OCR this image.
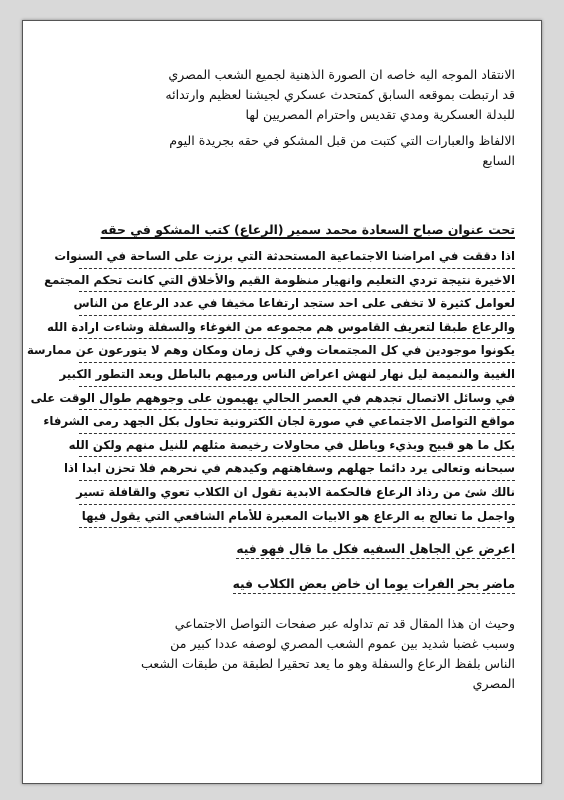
الانتقاد الموجه اليه خاصه ان الصورة الذهنية لجميع الشعب المصري
قد ارتبطت بموقعه السابق كمتحدث عسكري لجيشنا لعظيم وارتدائه
للبدلة العسكرية ومدي تقديس واحترام المصريين لها

الالفاظ والعبارات التي كتبت من قبل المشكو في حقه بجريدة اليوم
السابع

تحت عنوان صباح السعادة محمد سمير (الرعاع) كتب المشكو في حقه
اذا دققت في امراضنا الاجتماعية المستحدثة التي برزت على الساحة في السنوات
الاخيرة نتيجة تردي التعليم وانهيار منظومة القيم والأخلاق التي كانت تحكم المجتمع
لعوامل كثيرة لا تخفى على احد ستجد ارتفاعا مخيفا في عدد الرعاع من الناس
والرعاع طبقا لتعريف القاموس هم مجموعه من الغوغاء والسفلة وشاءت ارادة الله
يكونوا موجودين في كل المجتمعات وفي كل زمان ومكان وهم لا يتورعون عن ممارسة
الغيبة والنميمة ليل نهار لنهش اعراض الناس ورميهم بالباطل وبعد التطور الكبير
في وسائل الاتصال تجدهم في العصر الحالي يهيمون على وجوههم طوال الوقت على
مواقع التواصل الاجتماعي في صورة لجان الكترونية تحاول بكل الجهد رمى الشرفاء
بكل ما هو قبيح وبذيء وباطل في محاولات رخيصة مثلهم للنيل منهم ولكن الله
سبحانه وتعالى يرد دائما جهلهم وسفاهتهم وكيدهم في نحرهم فلا تحزن ابدا اذا
نالك شئ من رذاذ الرعاع فالحكمة الابدية تقول ان الكلاب تعوي والقافلة تسير
واجمل ما تعالج به الرعاع هو الابيات المعبرة للأمام الشافعي التي يقول فيها
اعرض عن الجاهل السفيه فكل ما قال فهو فيه
ماضر بحر الفرات يوما ان خاض بعض الكلاب فيه

وحيث ان هذا المقال قد تم تداوله عبر صفحات التواصل الاجتماعي
وسبب غضبا شديد بين عموم الشعب المصري لوصفه عددا كبير من
الناس بلفظ الرعاع والسفلة وهو ما يعد تحقيرا لطبقة من طبقات الشعب
المصري
